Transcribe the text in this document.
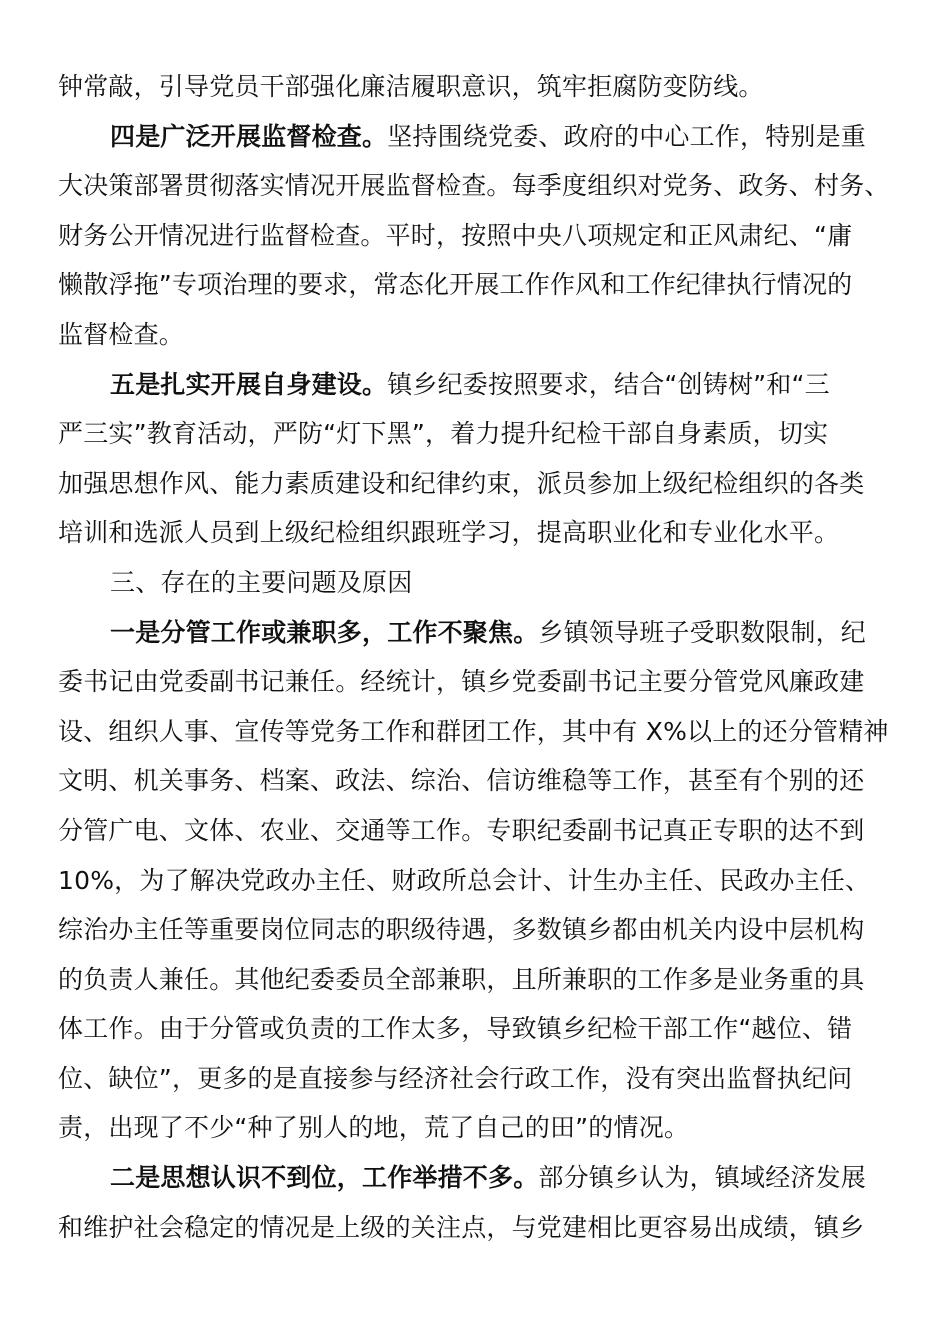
钟常敲，引导党员干部强化廉洁履职意识，筑牢拒腐防变防线。
四是广泛开展监督检查。坚持围绕党委、政府的中心工作，特别是重
大决策部署贯彻落实情况开展监督检查。每季度组织对党务、政务、村务、
财务公开情况进行监督检查。平时，按照中央八项规定和正风肃纪、“庸
懒散浮拖”专项治理的要求，常态化开展工作作风和工作纪律执行情况的
监督检查。
五是扎实开展自身建设。镇乡纪委按照要求，结合“创铸树”和“三
严三实”教育活动，严防“灯下黑”，着力提升纪检干部自身素质，切实
加强思想作风、能力素质建设和纪律约束，派员参加上级纪检组织的各类
培训和选派人员到上级纪检组织跟班学习，提高职业化和专业化水平。
三、存在的主要问题及原因
一是分管工作或兼职多，工作不聚焦。乡镇领导班子受职数限制，纪
委书记由党委副书记兼任。经统计，镇乡党委副书记主要分管党风廉政建
设、组织人事、宣传等党务工作和群团工作，其中有 X%以上的还分管精神
文明、机关事务、档案、政法、综治、信访维稳等工作，甚至有个别的还
分管广电、文体、农业、交通等工作。专职纪委副书记真正专职的达不到
10%，为了解决党政办主任、财政所总会计、计生办主任、民政办主任、
综治办主任等重要岗位同志的职级待遇，多数镇乡都由机关内设中层机构
的负责人兼任。其他纪委委员全部兼职，且所兼职的工作多是业务重的具
体工作。由于分管或负责的工作太多，导致镇乡纪检干部工作“越位、错
位、缺位”，更多的是直接参与经济社会行政工作，没有突出监督执纪问
责，出现了不少“种了别人的地，荒了自己的田”的情况。
二是思想认识不到位，工作举措不多。部分镇乡认为，镇域经济发展
和维护社会稳定的情况是上级的关注点，与党建相比更容易出成绩，镇乡
